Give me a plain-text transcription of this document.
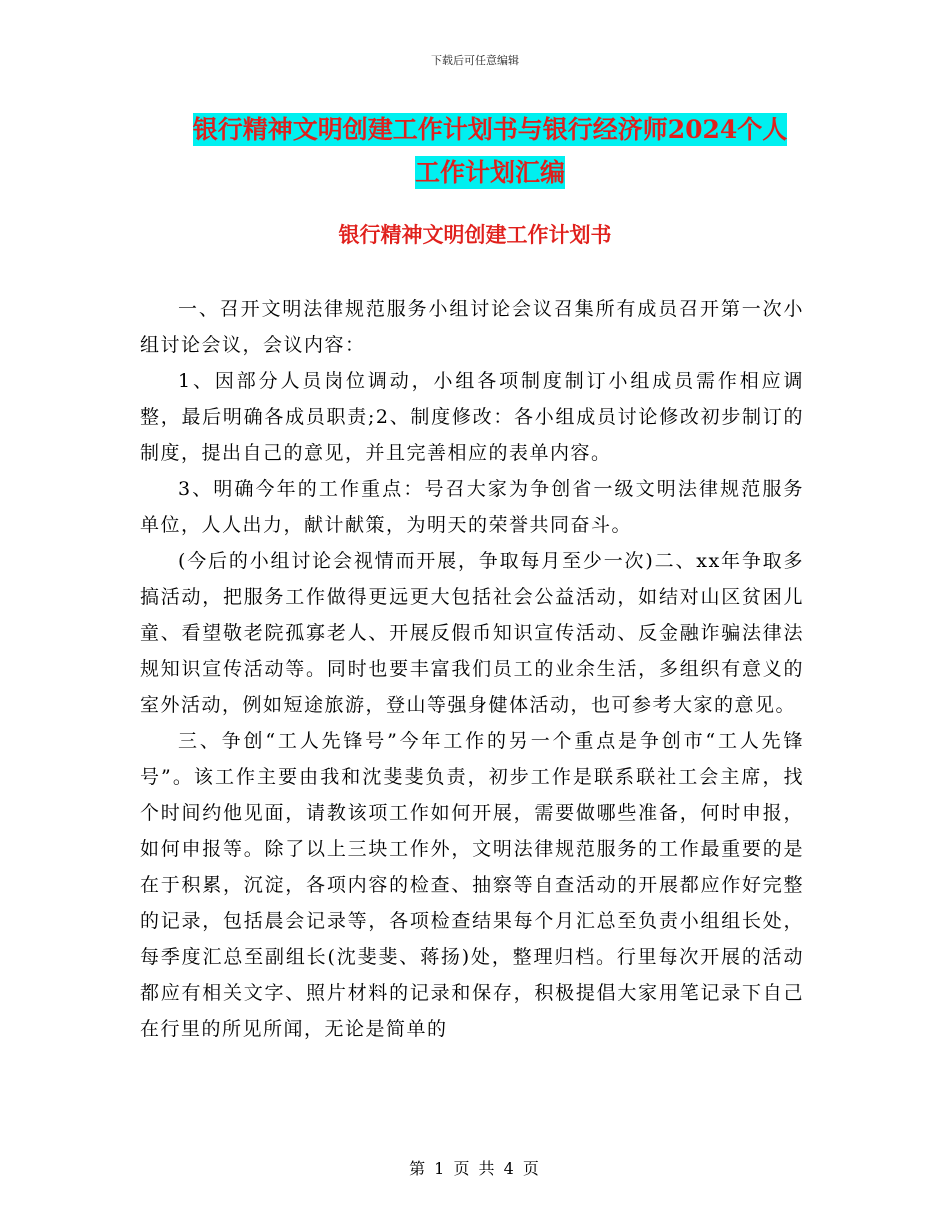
下载后可任意编辑
银行精神文明创建工作计划书与银行经济师2024个人
工作计划汇编
银行精神文明创建工作计划书

一、召开文明法律规范服务小组讨论会议召集所有成员召开第一次小组讨论会议，会议内容：

1、因部分人员岗位调动，小组各项制度制订小组成员需作相应调整，最后明确各成员职责;2、制度修改：各小组成员讨论修改初步制订的制度，提出自己的意见，并且完善相应的表单内容。

3、明确今年的工作重点：号召大家为争创省一级文明法律规范服务单位，人人出力，献计献策，为明天的荣誉共同奋斗。

(今后的小组讨论会视情而开展，争取每月至少一次)二、xx年争取多搞活动，把服务工作做得更远更大包括社会公益活动，如结对山区贫困儿童、看望敬老院孤寡老人、开展反假币知识宣传活动、反金融诈骗法律法规知识宣传活动等。同时也要丰富我们员工的业余生活，多组织有意义的室外活动，例如短途旅游，登山等强身健体活动，也可参考大家的意见。

三、争创“工人先锋号”今年工作的另一个重点是争创市“工人先锋号”。该工作主要由我和沈斐斐负责，初步工作是联系联社工会主席，找个时间约他见面，请教该项工作如何开展，需要做哪些准备，何时申报，如何申报等。除了以上三块工作外，文明法律规范服务的工作最重要的是在于积累，沉淀，各项内容的检查、抽察等自查活动的开展都应作好完整的记录，包括晨会记录等，各项检查结果每个月汇总至负责小组组长处，每季度汇总至副组长(沈斐斐、蒋扬)处，整理归档。行里每次开展的活动都应有相关文字、照片材料的记录和保存，积极提倡大家用笔记录下自己在行里的所见所闻，无论是简单的

第 1 页 共 4 页
